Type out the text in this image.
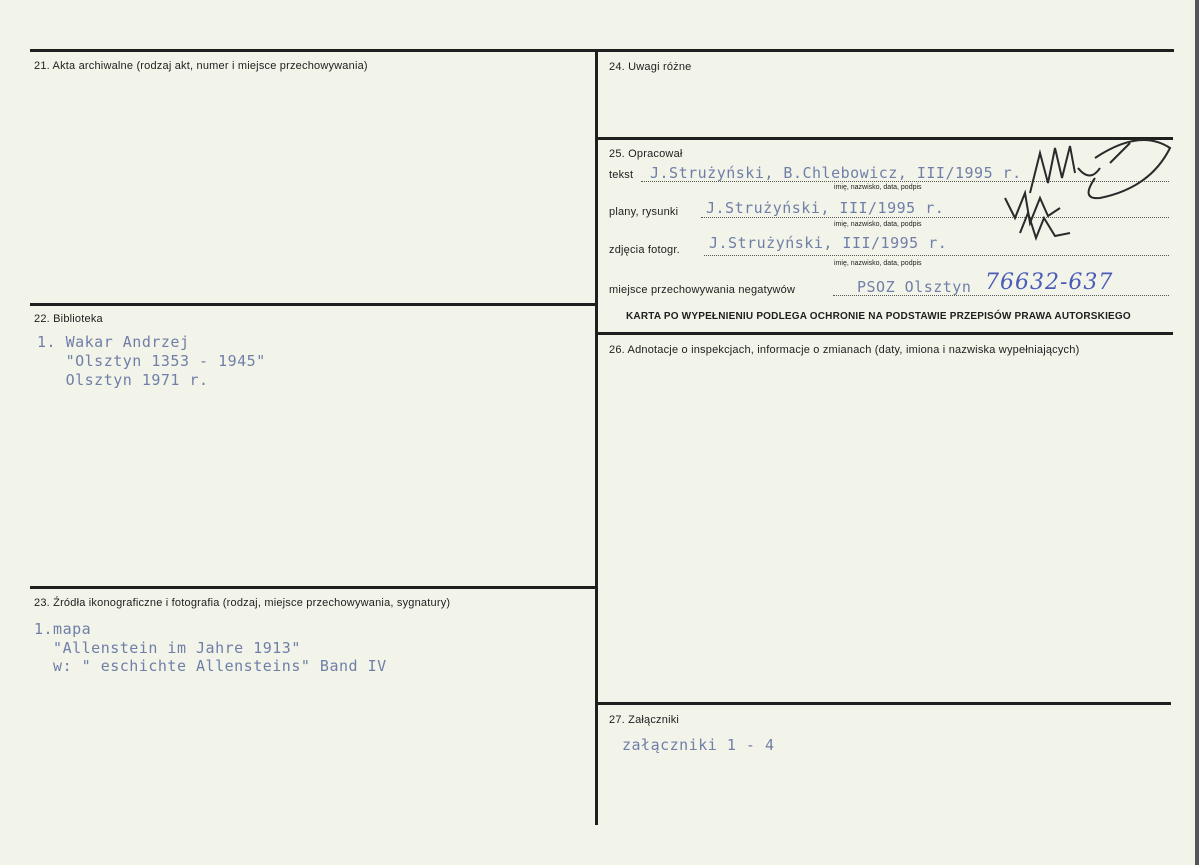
21. Akta archiwalne (rodzaj akt, numer i miejsce przechowywania)
22. Biblioteka
1. Wakar Andrzej
"Olsztyn 1353 - 1945"
Olsztyn 1971 r.
23. Źródła ikonograficzne i fotografia (rodzaj, miejsce przechowywania, sygnatury)
1.mapa
"Allenstein im Jahre 1913"
w: " eschichte Allensteins" Band IV
24. Uwagi różne
25. Opracował
tekst J.Strużyński, B.Chlebowicz, III/1995 r.
imię, nazwisko, data, podpis
plany, rysunki J.Strużyński, III/1995 r.
imię, nazwisko, data, podpis
zdjęcia fotogr. J.Strużyński, III/1995 r.
imię, nazwisko, data, podpis
miejsce przechowywania negatywów	PSOZ Olsztyn 76632-637
KARTA PO WYPEŁNIENIU PODLEGA OCHRONIE NA PODSTAWIE PRZEPISÓW PRAWA AUTORSKIEGO
26. Adnotacje o inspekcjach, informacje o zmianach (daty, imiona i nazwiska wypełniających)
27. Załączniki
załączniki 1 - 4
